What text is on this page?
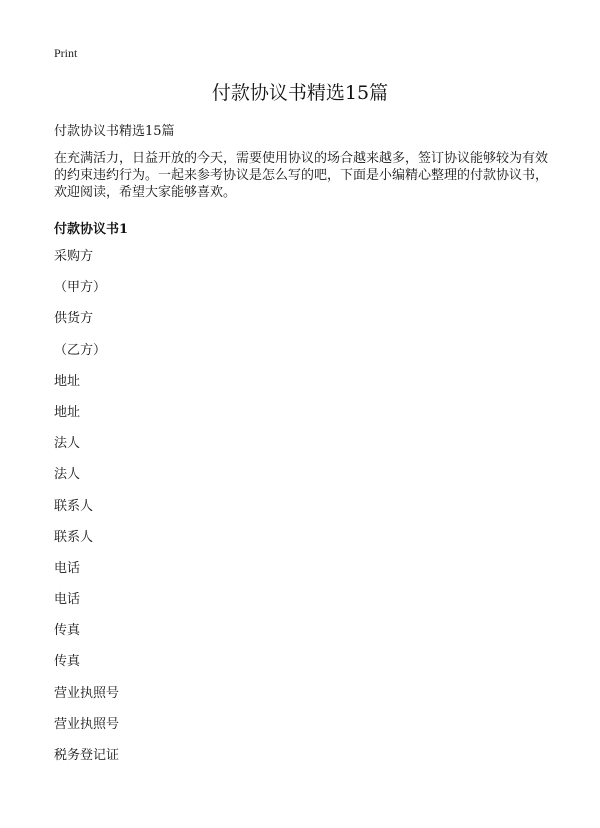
Print
付款协议书精选15篇
付款协议书精选15篇

在充满活力，日益开放的今天，需要使用协议的场合越来越多，签订协议能够较为有效的约束违约行为。一起来参考协议是怎么写的吧，下面是小编精心整理的付款协议书，欢迎阅读，希望大家能够喜欢。

付款协议书1
采购方
（甲方）
供货方
（乙方）
地址
地址
法人
法人
联系人
联系人
电话
电话
传真
传真
营业执照号
营业执照号
税务登记证
